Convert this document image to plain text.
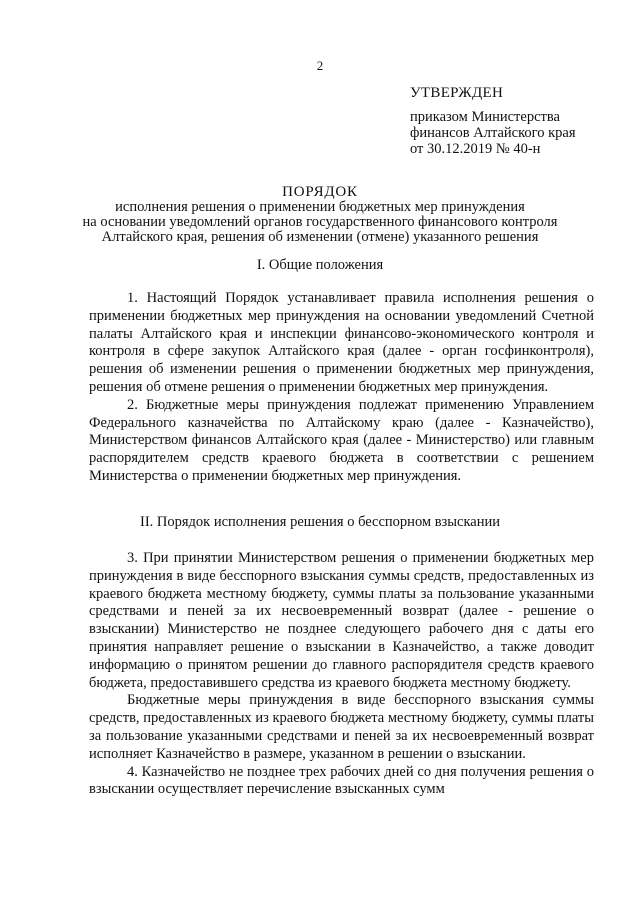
2
УТВЕРЖДЕН
приказом Министерства
финансов Алтайского края
от 30.12.2019 № 40-н
ПОРЯДОК
исполнения решения о применении бюджетных мер принуждения
на основании уведомлений органов государственного финансового контроля
Алтайского края, решения об изменении (отмене) указанного решения
I. Общие положения

1. Настоящий Порядок устанавливает правила исполнения решения о применении бюджетных мер принуждения на основании уведомлений Счетной палаты Алтайского края и инспекции финансово-экономического контроля и контроля в сфере закупок Алтайского края (далее - орган госфинконтроля), решения об изменении решения о применении бюджетных мер принуждения, решения об отмене решения о применении бюджетных мер принуждения.

2. Бюджетные меры принуждения подлежат применению Управлением Федерального казначейства по Алтайскому краю (далее - Казначейство), Министерством финансов Алтайского края (далее - Министерство) или главным распорядителем средств краевого бюджета в соответствии с решением Министерства о применении бюджетных мер принуждения.

II. Порядок исполнения решения о бесспорном взыскании

3. При принятии Министерством решения о применении бюджетных мер принуждения в виде бесспорного взыскания суммы средств, предоставленных из краевого бюджета местному бюджету, суммы платы за пользование указанными средствами и пеней за их несвоевременный возврат (далее - решение о взыскании) Министерство не позднее следующего рабочего дня с даты его принятия направляет решение о взыскании в Казначейство, а также доводит информацию о принятом решении до главного распорядителя средств краевого бюджета, предоставившего средства из краевого бюджета местному бюджету.

Бюджетные меры принуждения в виде бесспорного взыскания суммы средств, предоставленных из краевого бюджета местному бюджету, суммы платы за пользование указанными средствами и пеней за их несвоевременный возврат исполняет Казначейство в размере, указанном в решении о взыскании.

4. Казначейство не позднее трех рабочих дней со дня получения решения о взыскании осуществляет перечисление взысканных сумм
